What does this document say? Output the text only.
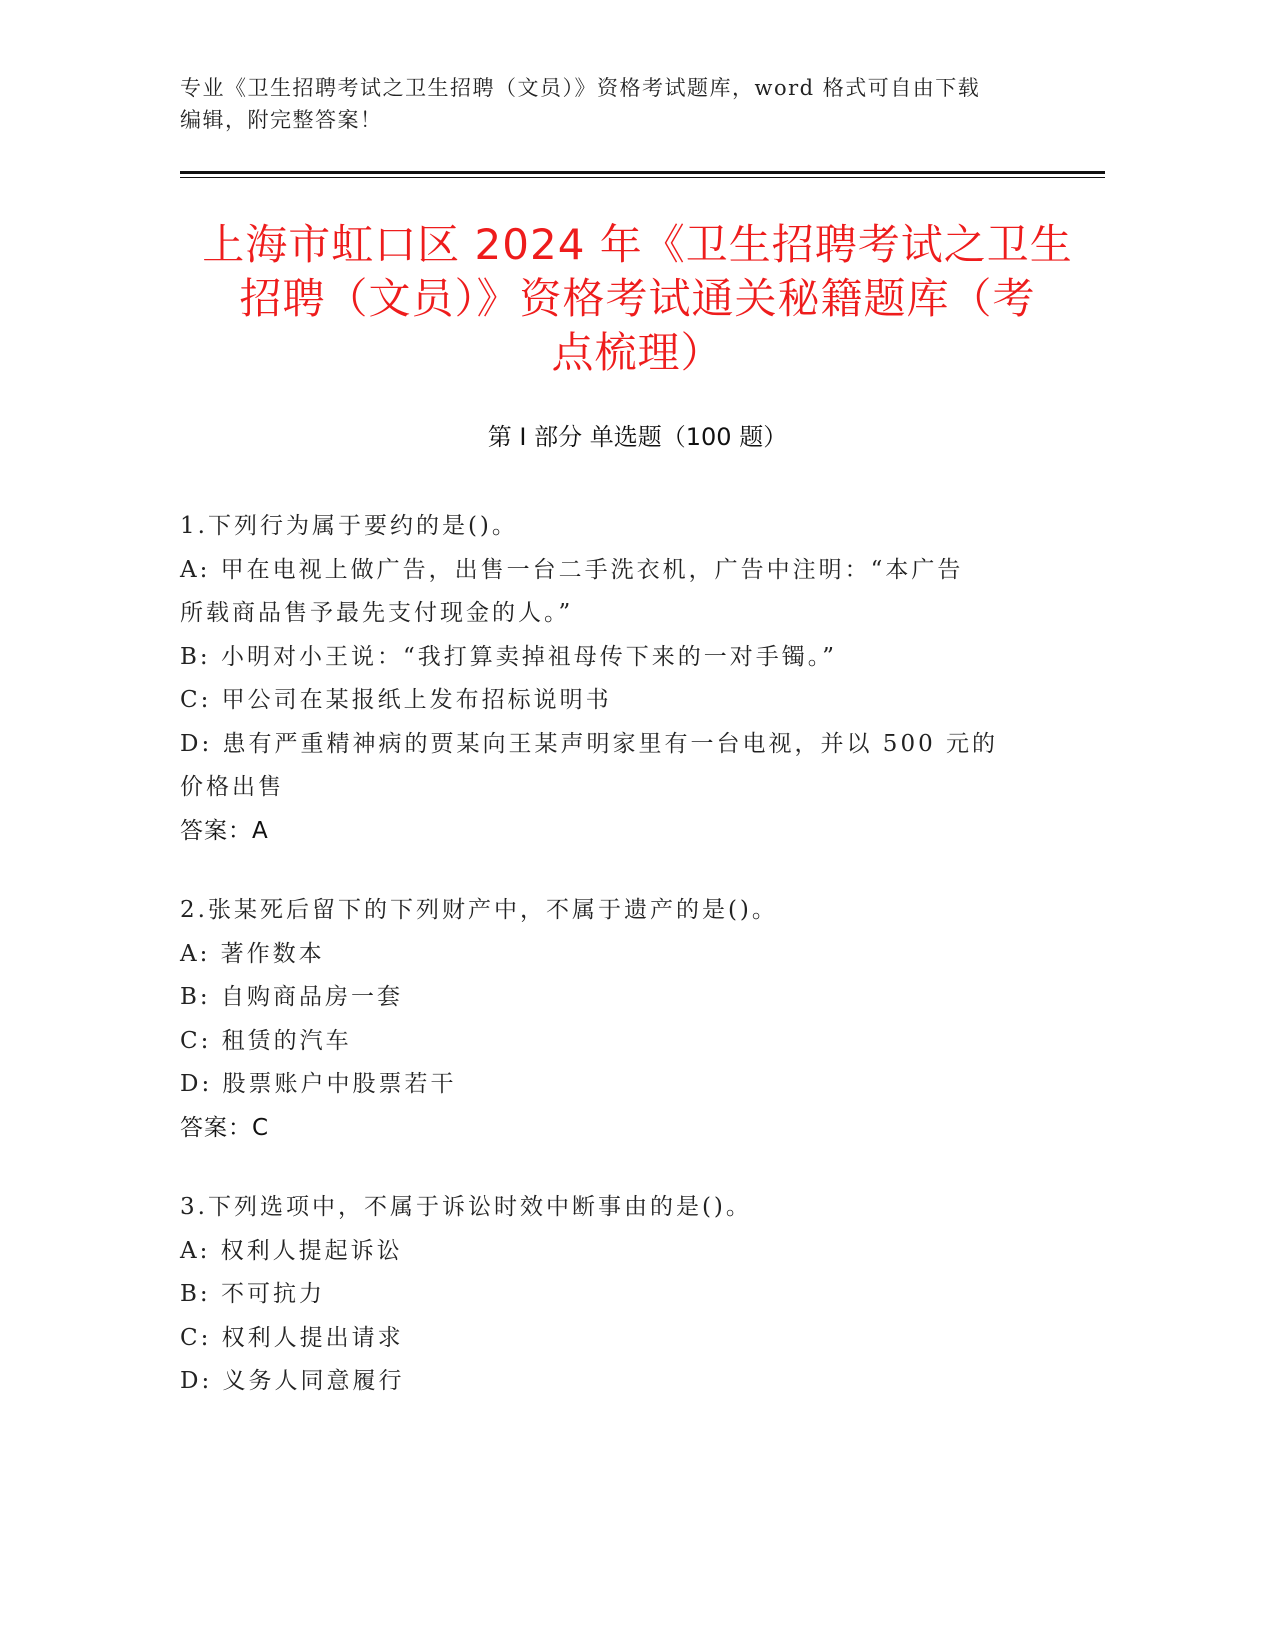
专业《卫生招聘考试之卫生招聘（文员）》资格考试题库，word 格式可自由下载
编辑，附完整答案！
上海市虹口区 2024 年《卫生招聘考试之卫生
招聘（文员）》资格考试通关秘籍题库（考
点梳理）
第 I 部分 单选题（100 题）
1.下列行为属于要约的是()。
A: 甲在电视上做广告，出售一台二手洗衣机，广告中注明：“本广告
所载商品售予最先支付现金的人。”
B: 小明对小王说：“我打算卖掉祖母传下来的一对手镯。”
C: 甲公司在某报纸上发布招标说明书
D: 患有严重精神病的贾某向王某声明家里有一台电视，并以 500 元的
价格出售
答案：A
2.张某死后留下的下列财产中，不属于遗产的是()。
A: 著作数本
B: 自购商品房一套
C: 租赁的汽车
D: 股票账户中股票若干
答案：C
3.下列选项中，不属于诉讼时效中断事由的是()。
A: 权利人提起诉讼
B: 不可抗力
C: 权利人提出请求
D: 义务人同意履行
